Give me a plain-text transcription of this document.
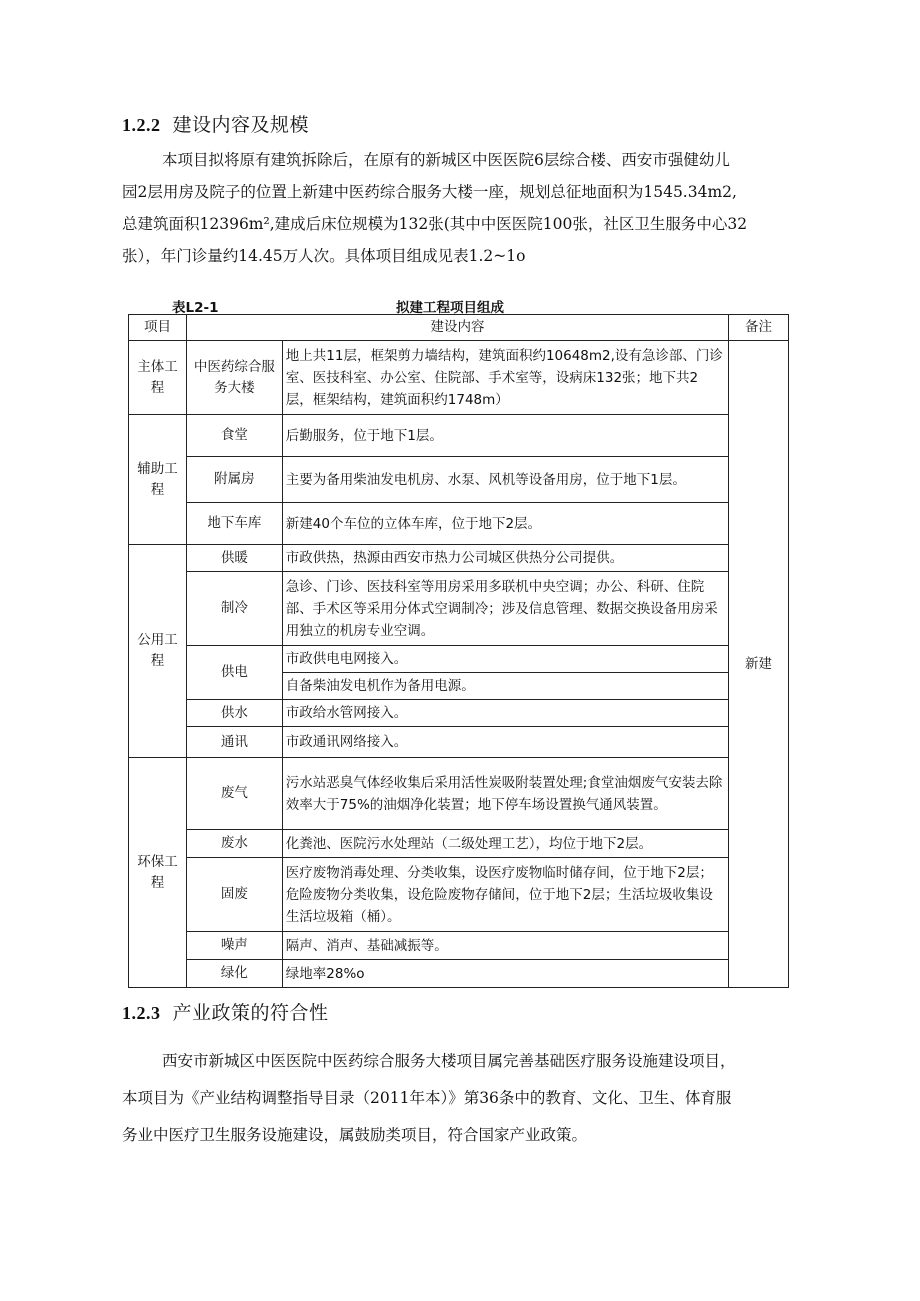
1.2.2 建设内容及规模
本项目拟将原有建筑拆除后，在原有的新城区中医医院6层综合楼、西安市强健幼儿
园2层用房及院子的位置上新建中医药综合服务大楼一座，规划总征地面积为1545.34m2,
总建筑面积12396m²,建成后床位规模为132张(其中中医医院100张，社区卫生服务中心32
张），年门诊量约14.45万人次。具体项目组成见表1.2~1o
表L2-1	拟建工程项目组成
项目	建设内容		备注
主体工程	中医药综合服务大楼	地上共11层，框架剪力墙结构，建筑面积约10648m2,设有急诊部、门诊室、医技科室、办公室、住院部、手术室等，设病床132张；地下共2层，框架结构，建筑面积约1748m）	新建
辅助工程	食堂	后勤服务，位于地下1层。	
	附属房	主要为备用柴油发电机房、水泵、风机等设备用房，位于地下1层。	
	地下车库	新建40个车位的立体车库，位于地下2层。	
公用工程	供暖	市政供热，热源由西安市热力公司城区供热分公司提供。	
	制冷	急诊、门诊、医技科室等用房采用多联机中央空调；办公、科研、住院部、手术区等采用分体式空调制冷；涉及信息管理、数据交换设备用房采用独立的机房专业空调。	
	供电	市政供电电网接入。	
		自备柴油发电机作为备用电源。	
	供水	市政给水管网接入。	
	通讯	市政通讯网络接入。	
环保工程	废气	污水站恶臭气体经收集后采用活性炭吸附装置处理;食堂油烟废气安装去除效率大于75%的油烟净化装置；地下停车场设置换气通风装置。	
	废水	化粪池、医院污水处理站（二级处理工艺），均位于地下2层。	
	固废	医疗废物消毒处理、分类收集，设医疗废物临时储存间，位于地下2层；危险废物分类收集，设危险废物存储间，位于地下2层；生活垃圾收集设生活垃圾箱（桶）。	
	噪声	隔声、消声、基础减振等。	
	绿化	绿地率28%o	
1.2.3 产业政策的符合性
西安市新城区中医医院中医药综合服务大楼项目属完善基础医疗服务设施建设项目，
本项目为《产业结构调整指导目录（2011年本）》第36条中的教育、文化、卫生、体育服
务业中医疗卫生服务设施建设，属鼓励类项目，符合国家产业政策。
